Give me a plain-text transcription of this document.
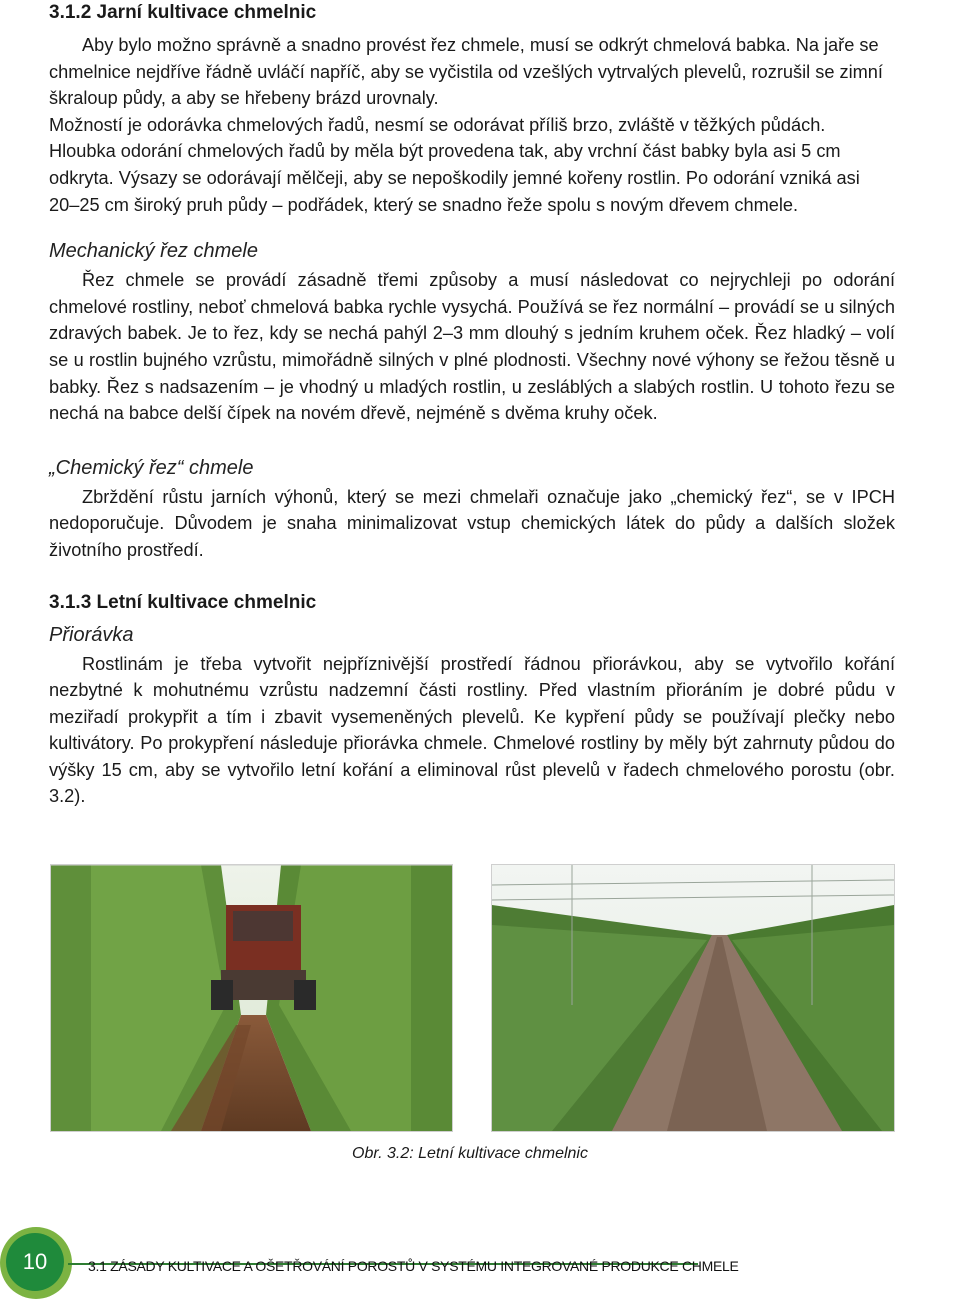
3.1.2 Jarní kultivace chmelnic

Aby bylo možno správně a snadno provést řez chmele, musí se odkrýt chmelová babka. Na jaře se chmelnice nejdříve řádně uvláčí napříč, aby se vyčistila od vzešlých vytrvalých plevelů, rozrušil se zimní škraloup půdy, a aby se hřebeny brázd urovnaly.

Možností je odorávka chmelových řadů, nesmí se odorávat příliš brzo, zvláště v těžkých půdách. Hloubka odorání chmelových řadů by měla být provedena tak, aby vrchní část babky byla asi 5 cm odkryta. Výsazy se odorávají mělčeji, aby se nepoškodily jemné kořeny rostlin. Po odorání vzniká asi 20–25 cm široký pruh půdy – podřádek, který se snadno řeže spolu s novým dřevem chmele.

Mechanický řez chmele

Řez chmele se provádí zásadně třemi způsoby a musí následovat co nejrychleji po odorání chmelové rostliny, neboť chmelová babka rychle vysychá. Používá se řez normální – provádí se u silných zdravých babek. Je to řez, kdy se nechá pahýl 2–3 mm dlouhý s jedním kruhem oček. Řez hladký – volí se u rostlin bujného vzrůstu, mimořádně silných v plné plodnosti. Všechny nové výhony se řežou těsně u babky. Řez s nadsazením – je vhodný u mladých rostlin, u zesláblých a slabých rostlin. U tohoto řezu se nechá na babce delší čípek na novém dřevě, nejméně s dvěma kruhy oček.

„Chemický řez“ chmele

Zbrždění růstu jarních výhonů, který se mezi chmelaři označuje jako „chemický řez“, se v IPCH nedoporučuje. Důvodem je snaha minimalizovat vstup chemických látek do půdy a dalších složek životního prostředí.

3.1.3 Letní kultivace chmelnic
Přiorávka

Rostlinám je třeba vytvořit nejpříznivější prostředí řádnou přiorávkou, aby se vytvořilo kořání nezbytné k mohutnému vzrůstu nadzemní části rostliny. Před vlastním přioráním je dobré půdu v meziřadí prokypřit a tím i zbavit vysemeněných plevelů. Ke kypření půdy se používají plečky nebo kultivátory. Po prokypření následuje přiorávka chmele. Chmelové rostliny by měly být zahrnuty půdou do výšky 15 cm, aby se vytvořilo letní kořání a eliminoval růst plevelů v řadech chmelového porostu (obr. 3.2).

Obr. 3.2: Letní kultivace chmelnic
10	3.1 ZÁSADY KULTIVACE A OŠETŘOVÁNÍ POROSTŮ V SYSTÉMU INTEGROVANÉ PRODUKCE CHMELE
